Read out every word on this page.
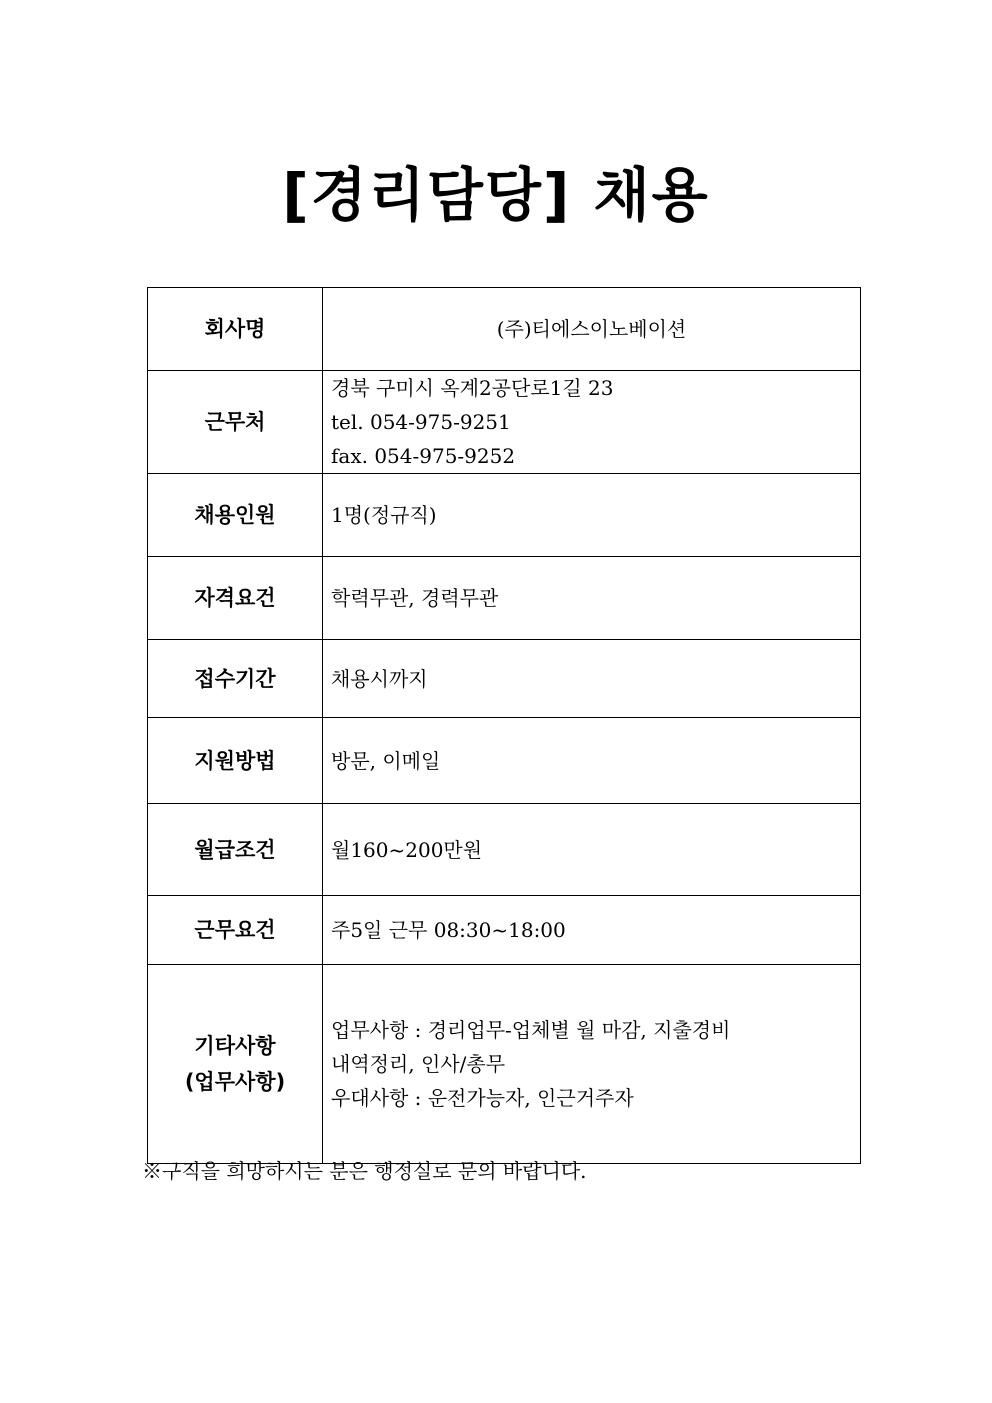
[경리담당] 채용
회사명	(주)티에스이노베이션

근무처	경북 구미시 옥계2공단로1길 23
tel. 054-975-9251
fax. 054-975-9252

채용인원	1명(정규직)

자격요건	학력무관, 경력무관

접수기간	채용시까지

지원방법	방문, 이메일

월급조건	월160~200만원

근무요건	주5일 근무 08:30~18:00

기타사항
(업무사항)	업무사항 : 경리업무-업체별 월 마감, 지출경비
내역정리, 인사/총무
우대사항 : 운전가능자, 인근거주자
※구직을 희망하시는 분은 행정실로 문의 바랍니다.
